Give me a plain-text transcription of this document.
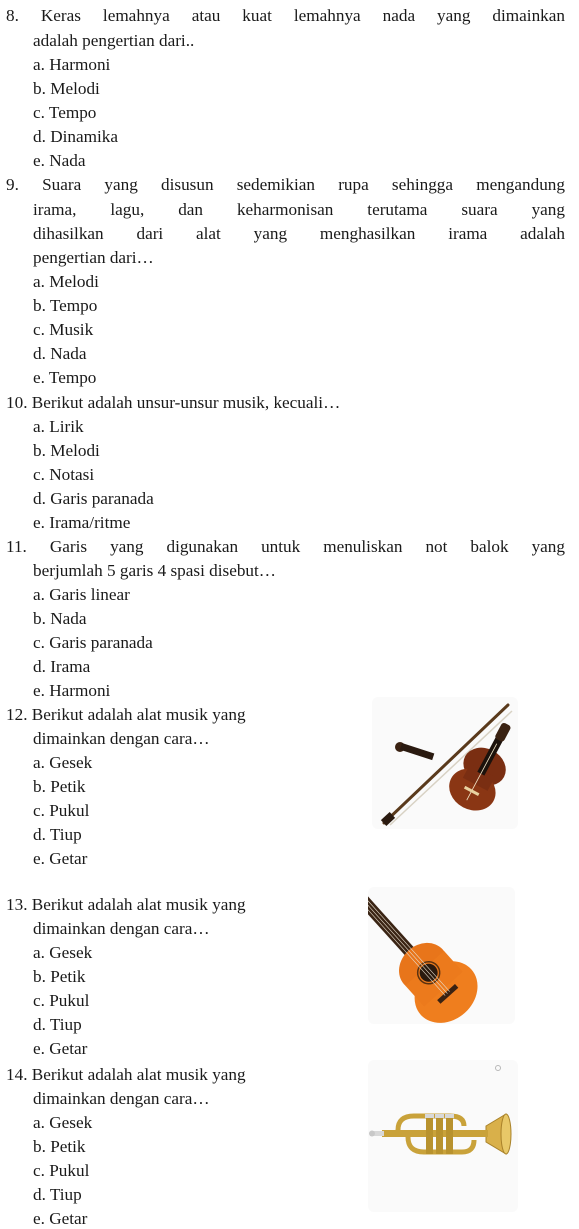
8. Keras lemahnya atau kuat lemahnya nada yang dimainkan
adalah pengertian dari..
a. Harmoni
b. Melodi
c. Tempo
d. Dinamika
e. Nada
9. Suara yang disusun sedemikian rupa sehingga mengandung
irama, lagu, dan keharmonisan terutama suara yang
dihasilkan dari alat yang menghasilkan irama adalah
pengertian dari…
a. Melodi
b. Tempo
c. Musik
d. Nada
e. Tempo
10. Berikut adalah unsur-unsur musik, kecuali…
a. Lirik
b. Melodi
c. Notasi
d. Garis paranada
e. Irama/ritme
11. Garis yang digunakan untuk menuliskan not balok yang
berjumlah 5 garis 4 spasi disebut…
a. Garis linear
b. Nada
c. Garis paranada
d. Irama
e. Harmoni
12. Berikut adalah alat musik yang
dimainkan dengan cara…
a. Gesek
b. Petik
c. Pukul
d. Tiup
e. Getar
13. Berikut adalah alat musik yang
dimainkan dengan cara…
a. Gesek
b. Petik
c. Pukul
d. Tiup
e. Getar
14. Berikut adalah alat musik yang
dimainkan dengan cara…
a. Gesek
b. Petik
c. Pukul
d. Tiup
e. Getar
